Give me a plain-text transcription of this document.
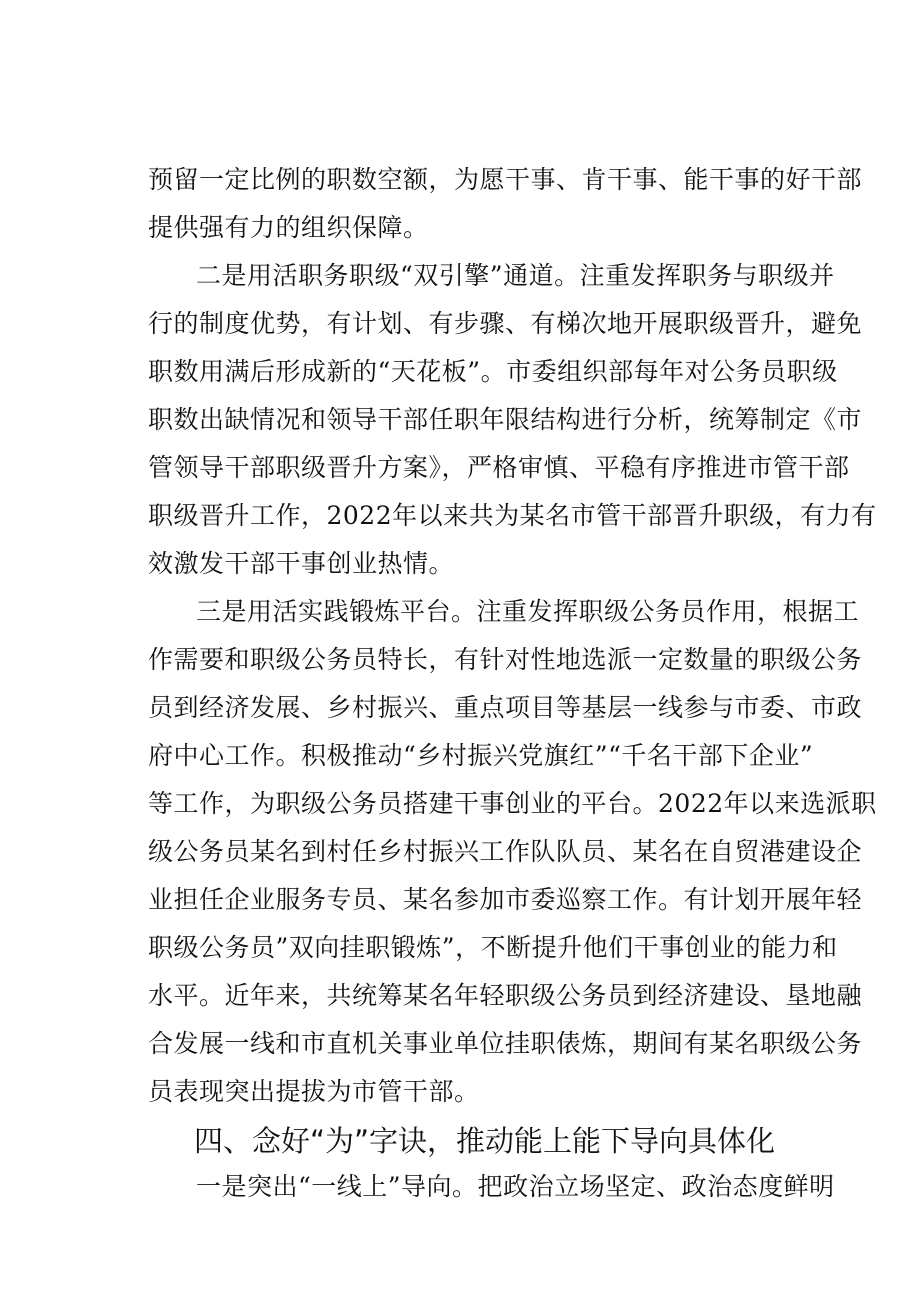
预留一定比例的职数空额，为愿干事、肯干事、能干事的好干部
提供强有力的组织保障。
二是用活职务职级“双引擎”通道。注重发挥职务与职级并
行的制度优势，有计划、有步骤、有梯次地开展职级晋升，避免
职数用满后形成新的“天花板”。市委组织部每年对公务员职级
职数出缺情况和领导干部任职年限结构进行分析，统筹制定《市
管领导干部职级晋升方案》，严格审慎、平稳有序推进市管干部
职级晋升工作，2022年以来共为某名市管干部晋升职级，有力有
效激发干部干事创业热情。
三是用活实践锻炼平台。注重发挥职级公务员作用，根据工
作需要和职级公务员特长，有针对性地选派一定数量的职级公务
员到经济发展、乡村振兴、重点项目等基层一线参与市委、市政
府中心工作。积极推动“乡村振兴党旗红”“千名干部下企业”
等工作，为职级公务员搭建干事创业的平台。2022年以来选派职
级公务员某名到村任乡村振兴工作队队员、某名在自贸港建设企
业担任企业服务专员、某名参加市委巡察工作。有计划开展年轻
职级公务员”双向挂职锻炼”，不断提升他们干事创业的能力和
水平。近年来，共统筹某名年轻职级公务员到经济建设、垦地融
合发展一线和市直机关事业单位挂职俵炼，期间有某名职级公务
员表现突出提拔为市管干部。
四、念好“为”字诀，推动能上能下导向具体化
一是突出“一线上”导向。把政治立场坚定、政治态度鲜明
